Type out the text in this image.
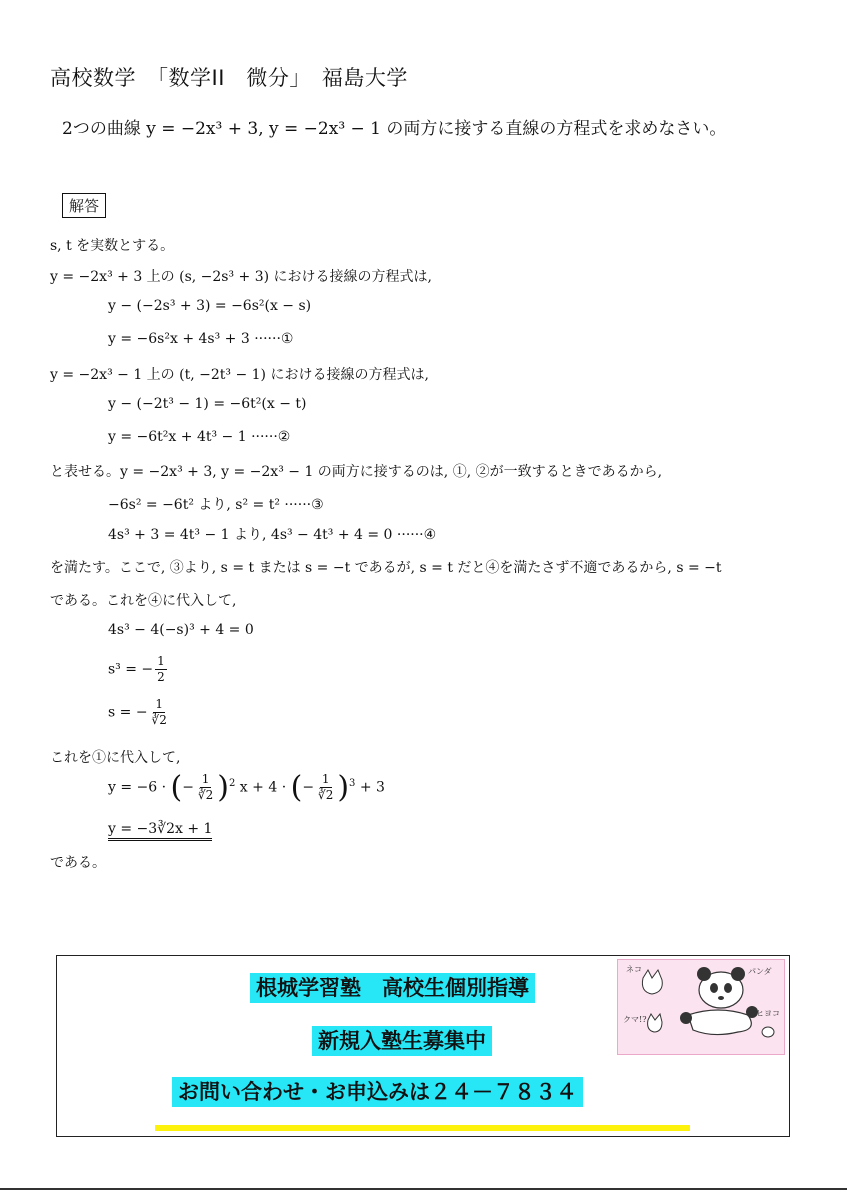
高校数学　「数学II　微分」　福島大学
2つの曲線 y = −2x³ + 3, y = −2x³ − 1 の両方に接する直線の方程式を求めなさい。
解答
s, t を実数とする。
y = −2x³ + 3 上の (s, −2s³ + 3) における接線の方程式は,
y − (−2s³ + 3) = −6s²(x − s)
y = −6s²x + 4s³ + 3 ······①
y = −2x³ − 1 上の (t, −2t³ − 1) における接線の方程式は,
y − (−2t³ − 1) = −6t²(x − t)
y = −6t²x + 4t³ − 1 ······②
と表せる。y = −2x³ + 3, y = −2x³ − 1 の両方に接するのは, ①, ②が一致するときであるから,
−6s² = −6t² より, s² = t² ······③
4s³ + 3 = 4t³ − 1 より, 4s³ − 4t³ + 4 = 0 ······④
を満たす。ここで, ③より, s = t または s = −t であるが, s = t だと④を満たさず不適であるから, s = −t
である。これを④に代入して,
4s³ − 4(−s)³ + 4 = 0
s³ = − $\frac{1}{2}$
s = − $\frac{1}{∛2}$
これを①に代入して,
y = −6 · (− $\frac{1}{∛2} )^2$ x + 4 · (− $\frac{1}{∛2} )^3 + 3$
y = −3∛2x + 1
である。
根城学習塾　高校生個別指導
新規入塾生募集中
お問い合わせ・お申込みは２４－７８３４
ネコ	パンダ
クマ!?
ヒヨコ
